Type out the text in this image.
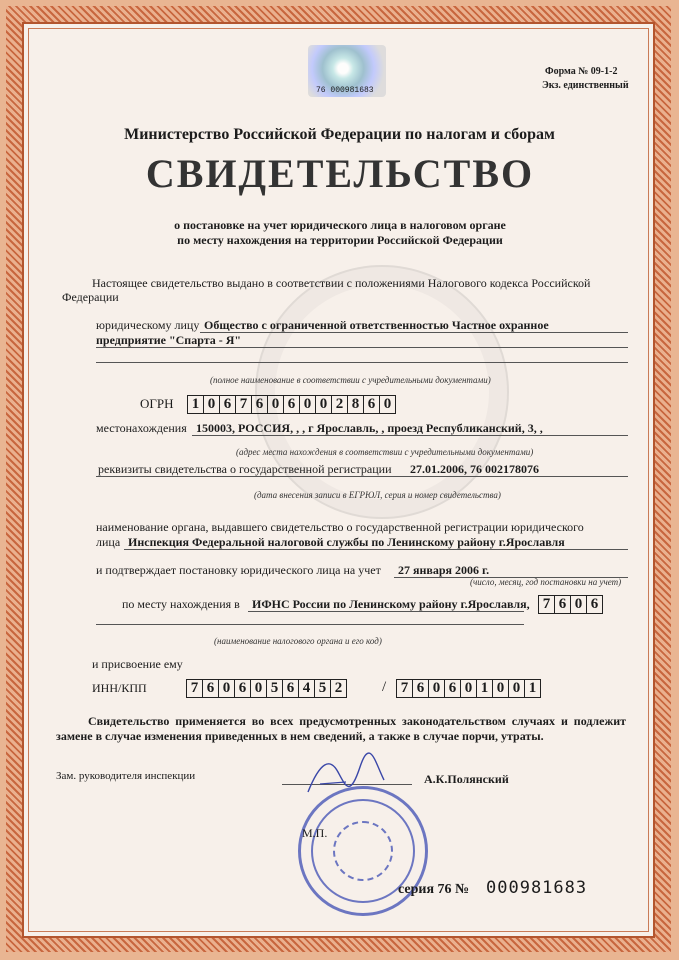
Форма № 09-1-2
Экз. единственный
76 000981683
Министерство Российской Федерации по налогам и сборам
СВИДЕТЕЛЬСТВО
о постановке на учет юридического лица в налоговом органе
по месту нахождения на территории Российской Федерации
Настоящее свидетельство выдано в соответствии с положениями Налогового кодекса Российской
Федерации
юридическому лицу Общество с ограниченной ответственностью Частное охранное
предприятие "Спарта - Я"
(полное наименование в соответствии с учредительными документами)
ОГРН 1 0 6 7 6 0 6 0 0 2 8 6 0
местонахождения 150003, РОССИЯ, , , г Ярославль, , проезд Республиканский, 3, ,
(адрес места нахождения в соответствии с учредительными документами)
реквизиты свидетельства о государственной регистрации 27.01.2006, 76 002178076
(дата внесения записи в ЕГРЮЛ, серия и номер свидетельства)
наименование органа, выдавшего свидетельство о государственной регистрации юридического
лица Инспекция Федеральной налоговой службы по Ленинскому району г.Ярославля
и подтверждает постановку юридического лица на учет 27 января 2006 г.
(число, месяц, год постановки на учет)
по месту нахождения в ИФНС России по Ленинскому району г.Ярославля, 7 6 0 6
(наименование налогового органа и его код)
и присвоение ему
ИНН/КПП	7 6 0 6 0 5 6 4 5 2	/ 7 6 0 6 0 1 0 0 1
Свидетельство применяется во всех предусмотренных законодательством случаях и подлежит замене в случае изменения приведенных в нем сведений, а также в случае порчи, утраты.
Зам. руководителя инспекции	А.К.Полянский
М.П.
серия 76 № 000981683
